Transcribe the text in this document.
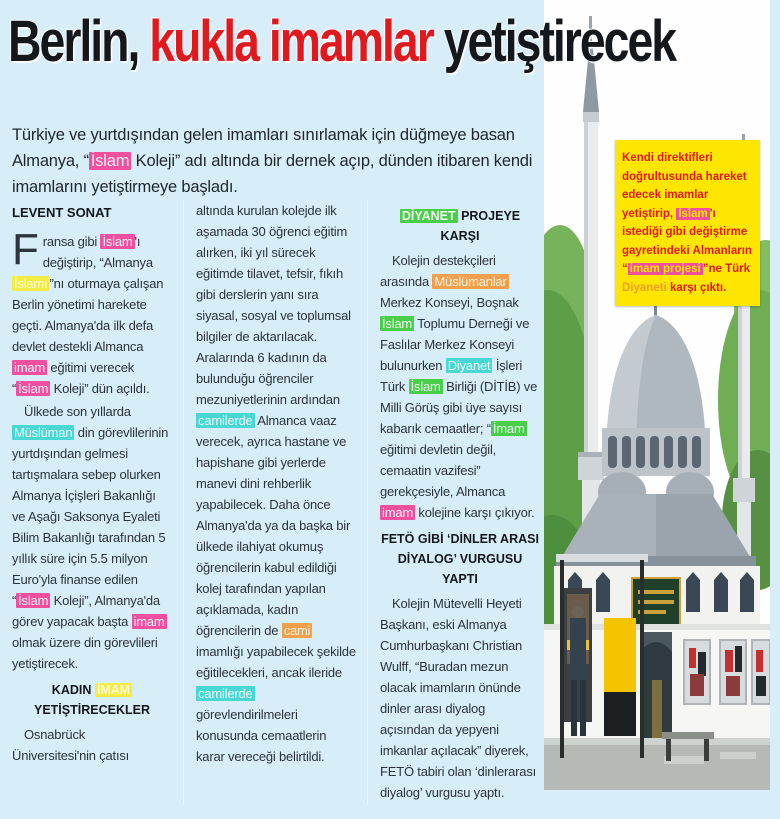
Berlin, kukla imamlar yetiştirecek
Türkiye ve yurtdışından gelen imamları sınırlamak için düğmeye basan Almanya, “ İslam Koleji” adı altında bir dernek açıp, dünden itibaren kendi imamlarını yetiştirmeye başladı.
LEVENT SONAT

Fransa gibi İslam 'ı değiştirip, “Almanya İslamı ”nı oturmaya çalışan Berlin yönetimi harekete geçti. Almanya'da ilk defa devlet destekli Almanca imam eğitimi verecek “ İslam Koleji” dün açıldı.

Ülkede son yıllarda Müslüman din görevlilerinin yurtdışından gelmesi tartışmalara sebep olurken Almanya İçişleri Bakanlığı ve Aşağı Saksonya Eyaleti Bilim Bakanlığı tarafından 5 yıllık süre için 5.5 milyon Euro'yla finanse edilen “ İslam Koleji”, Almanya'da görev yapacak başta imam olmak üzere din görevlileri yetiştirecek.

KADIN İMAM YETİŞTİRECEKLER

Osnabrück Üniversitesi'nin çatısı

altında kurulan kolejde ilk aşamada 30 öğrenci eğitim alırken, iki yıl sürecek eğitimde tilavet, tefsir, fıkıh gibi derslerin yanı sıra siyasal, sosyal ve toplumsal bilgiler de aktarılacak. Aralarında 6 kadının da bulunduğu öğrenciler mezuniyetlerinin ardından camilerde Almanca vaaz verecek, ayrıca hastane ve hapishane gibi yerlerde manevi dini rehberlik yapabilecek. Daha önce Almanya'da ya da başka bir ülkede ilahiyat okumuş öğrencilerin kabul edildiği kolej tarafından yapılan açıklamada, kadın öğrencilerin de cami imamlığı yapabilecek şekilde eğitilecekleri, ancak ileride camilerde görevlendirilmeleri konusunda cemaatlerin karar vereceği belirtildi.

DİYANET PROJEYE KARŞI

Kolejin destekçileri arasında Müslümanlar Merkez Konseyi, Boşnak İslam Toplumu Derneği ve Faslılar Merkez Konseyi bulunurken Diyanet İşleri Türk İslam Birliği (DİTİB) ve Milli Görüş gibi üye sayısı kabarık cemaatler; “ İmam eğitimi devletin değil, cemaatin vazifesi” gerekçesiyle, Almanca imam kolejine karşı çıkıyor.

FETÖ GİBİ ‘DİNLER ARASI DİYALOG’ VURGUSU YAPTI

Kolejin Mütevelli Heyeti Başkanı, eski Almanya Cumhurbaşkanı Christian Wulff, “Buradan mezun olacak imamların önünde dinler arası diyalog açısından da yepyeni imkanlar açılacak” diyerek, FETÖ tabiri olan ‘dinlerarası diyalog’ vurgusu yaptı.

Kendi direktifleri doğrultusunda hareket edecek imamlar yetiştirip, İslam 'ı istediği gibi değiştirme gayretindeki Almanların “ imam projesi ”ne Türk Diyaneti karşı çıktı.
